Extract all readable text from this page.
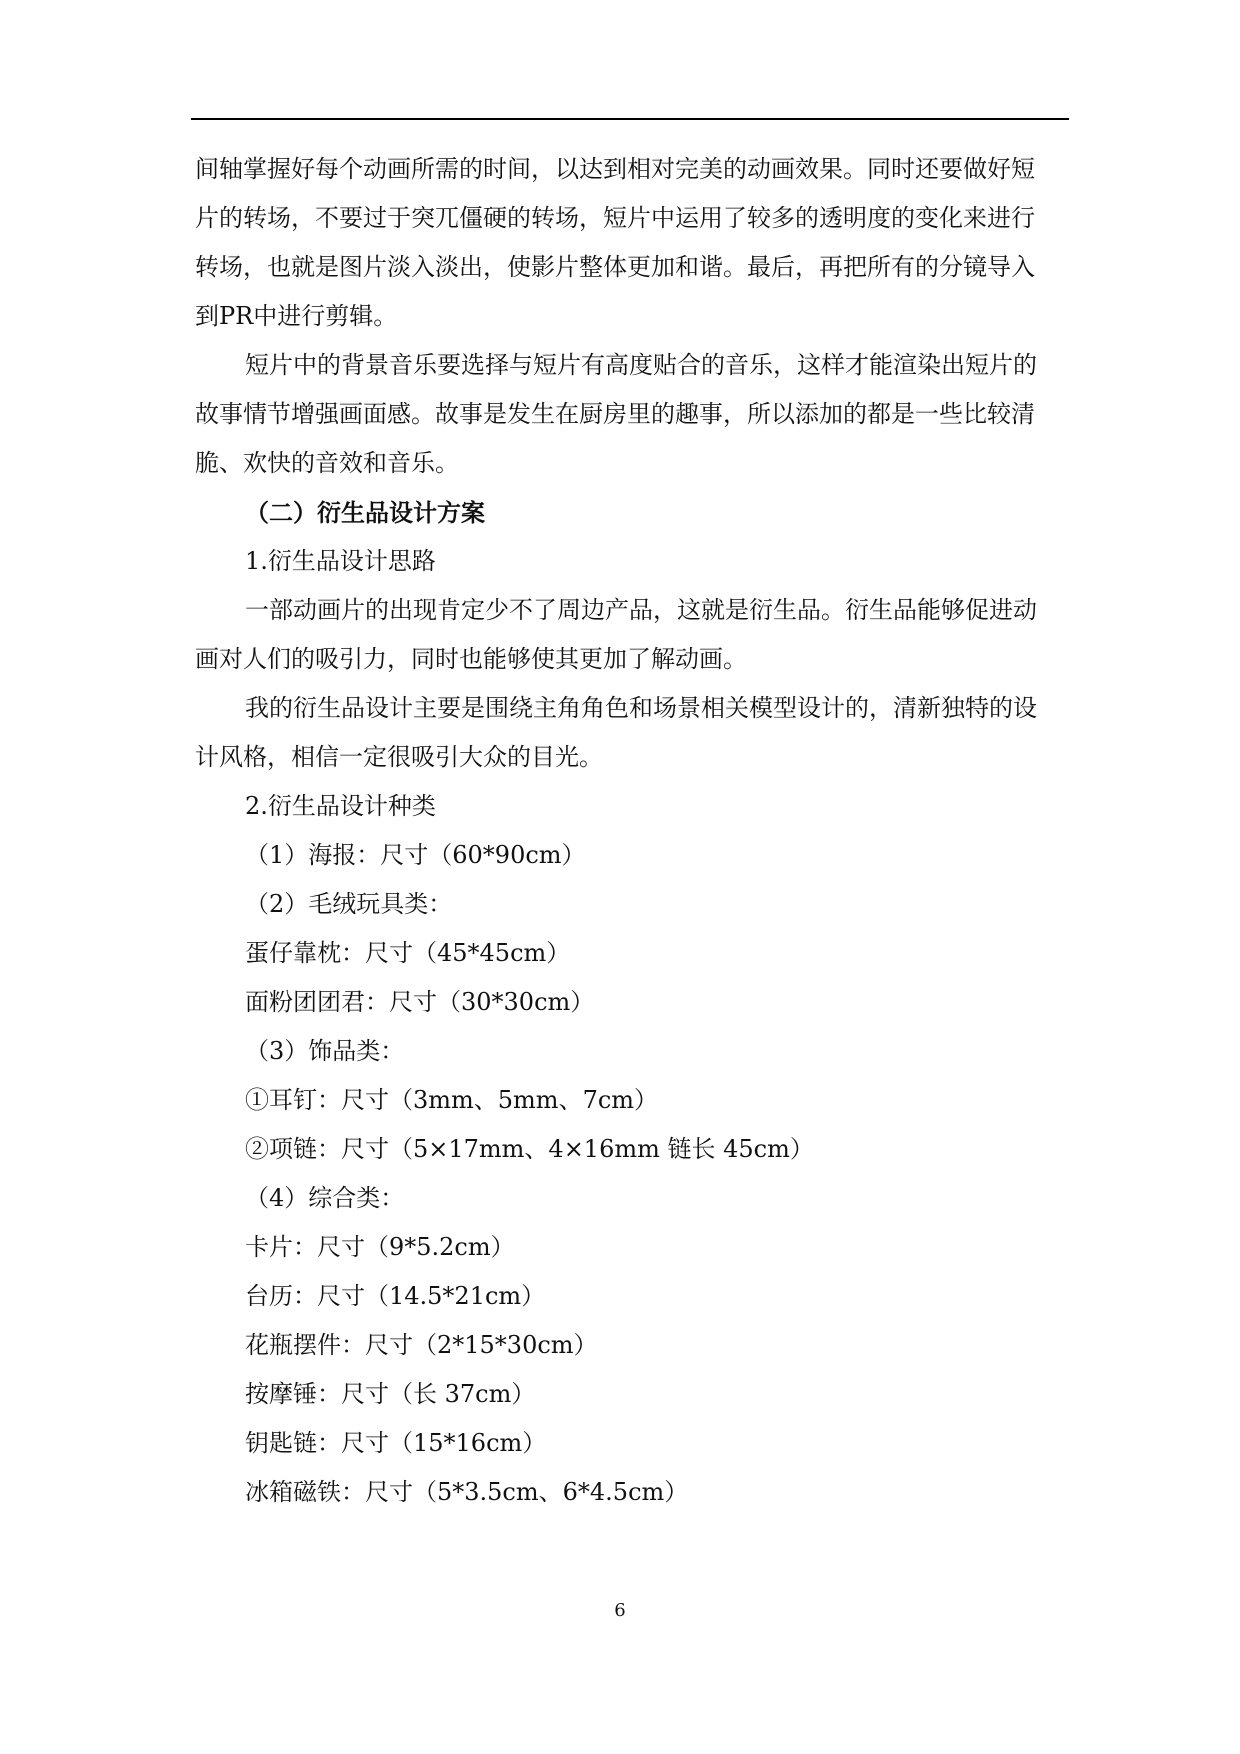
间轴掌握好每个动画所需的时间，以达到相对完美的动画效果。同时还要做好短

片的转场，不要过于突兀僵硬的转场，短片中运用了较多的透明度的变化来进行

转场，也就是图片淡入淡出，使影片整体更加和谐。最后，再把所有的分镜导入

到PR中进行剪辑。

短片中的背景音乐要选择与短片有高度贴合的音乐，这样才能渲染出短片的

故事情节增强画面感。故事是发生在厨房里的趣事，所以添加的都是一些比较清

脆、欢快的音效和音乐。

（二）衍生品设计方案

1.衍生品设计思路

一部动画片的出现肯定少不了周边产品，这就是衍生品。衍生品能够促进动

画对人们的吸引力，同时也能够使其更加了解动画。

我的衍生品设计主要是围绕主角角色和场景相关模型设计的，清新独特的设

计风格，相信一定很吸引大众的目光。

2.衍生品设计种类

（1）海报：尺寸（60*90cm）

（2）毛绒玩具类：

蛋仔靠枕：尺寸（45*45cm）

面粉团团君：尺寸（30*30cm）

（3）饰品类：

①耳钉：尺寸（3mm、5mm、7cm）

②项链：尺寸（5×17mm、4×16mm 链长 45cm）

（4）综合类：

卡片：尺寸（9*5.2cm）

台历：尺寸（14.5*21cm）

花瓶摆件：尺寸（2*15*30cm）

按摩锤：尺寸（长 37cm）

钥匙链：尺寸（15*16cm）

冰箱磁铁：尺寸（5*3.5cm、6*4.5cm）

6
